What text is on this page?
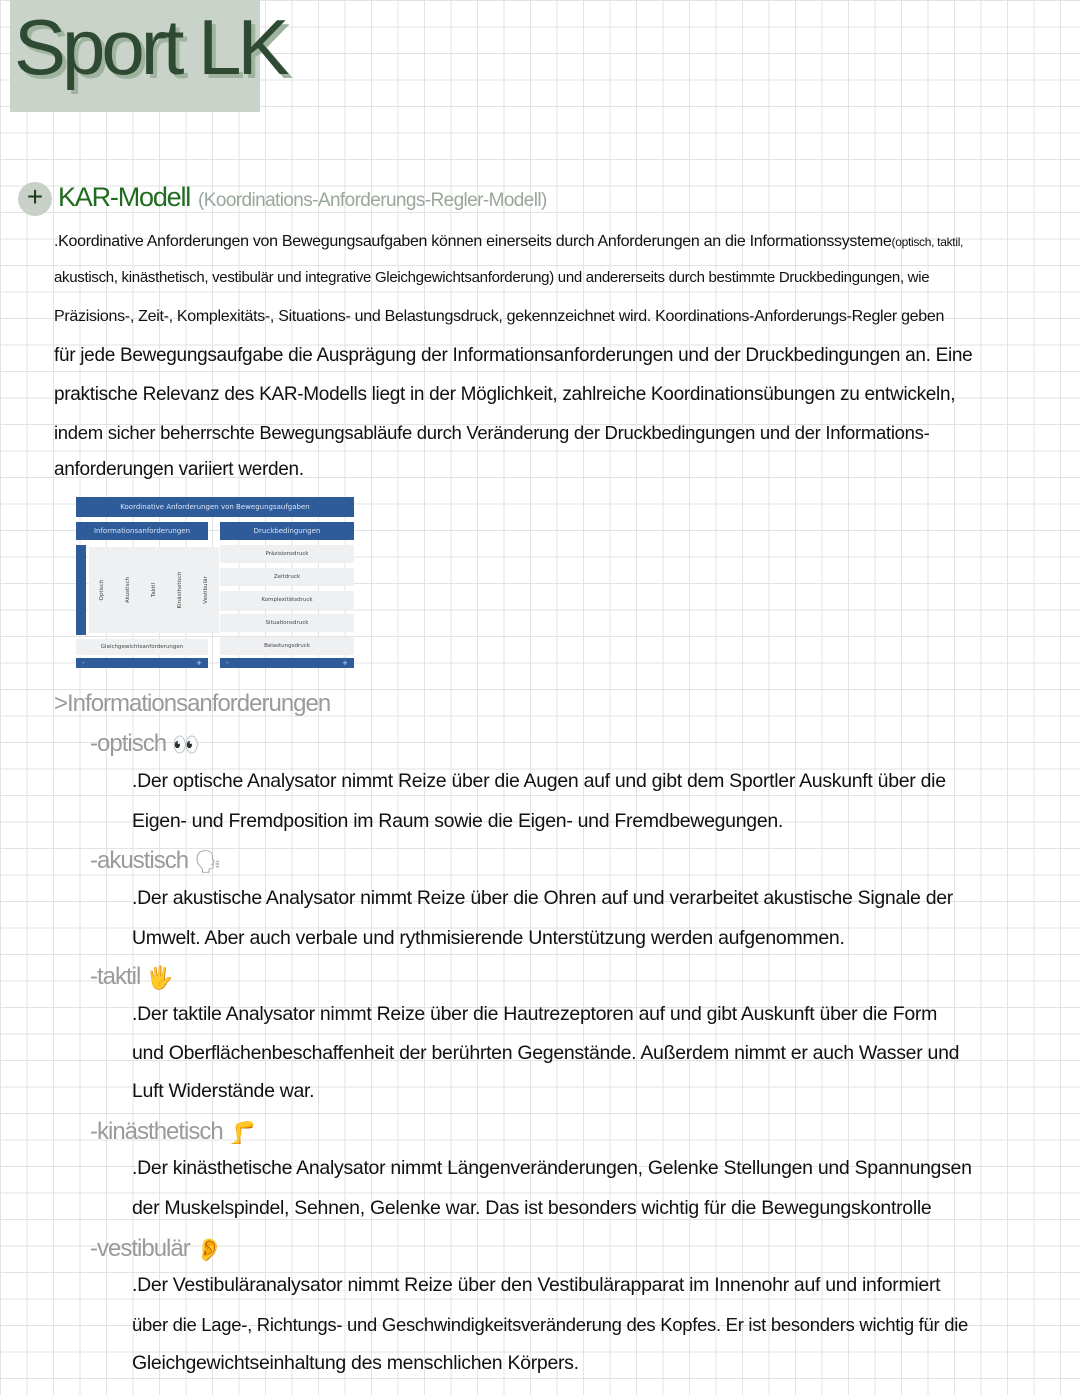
Sport LK
+ KAR-Modell (Koordinations-Anforderungs-Regler-Modell)
.Koordinative Anforderungen von Bewegungsaufgaben können einerseits durch Anforderungen an die Informationssysteme(optisch, taktil,
akustisch, kinästhetisch, vestibulär und integrative Gleichgewichtsanforderung) und andererseits durch bestimmte Druckbedingungen, wie
Präzisions-, Zeit-, Komplexitäts-, Situations- und Belastungsdruck, gekennzeichnet wird. Koordinations-Anforderungs-Regler geben
für jede Bewegungsaufgabe die Ausprägung der Informationsanforderungen und der Druckbedingungen an. Eine
praktische Relevanz des KAR-Modells liegt in der Möglichkeit, zahlreiche Koordinationsübungen zu entwickeln,
indem sicher beherrschte Bewegungsabläufe durch Veränderung der Druckbedingungen und der Informations-
anforderungen variiert werden.
Koordinative Anforderungen von Bewegungsaufgaben
Informationsanforderungen	Druckbedingungen
Optisch	Akustisch	Taktil	Kinästhetisch	Vestibulär
Gleichgewichtsanforderungen
Präzisionsdruck
Zeitdruck
Komplexitätsdruck
Situationsdruck
Belastungsdruck
-	+	-	+
>Informationsanforderungen
-optisch 👀
.Der optische Analysator nimmt Reize über die Augen auf und gibt dem Sportler Auskunft über die
Eigen- und Fremdposition im Raum sowie die Eigen- und Fremdbewegungen.
-akustisch 🗣
.Der akustische Analysator nimmt Reize über die Ohren auf und verarbeitet akustische Signale der
Umwelt. Aber auch verbale und rythmisierende Unterstützung werden aufgenommen.
-taktil 🖐
.Der taktile Analysator nimmt Reize über die Hautrezeptoren auf und gibt Auskunft über die Form
und Oberflächenbeschaffenheit der berührten Gegenstände. Außerdem nimmt er auch Wasser und
Luft Widerstände war.
-kinästhetisch 🦵
.Der kinästhetische Analysator nimmt Längenveränderungen, Gelenke Stellungen und Spannungsen
der Muskelspindel, Sehnen, Gelenke war. Das ist besonders wichtig für die Bewegungskontrolle
-vestibulär 👂
.Der Vestibuläranalysator nimmt Reize über den Vestibulärapparat im Innenohr auf und informiert
über die Lage-, Richtungs- und Geschwindigkeitsveränderung des Kopfes. Er ist besonders wichtig für die
Gleichgewichtseinhaltung des menschlichen Körpers.
